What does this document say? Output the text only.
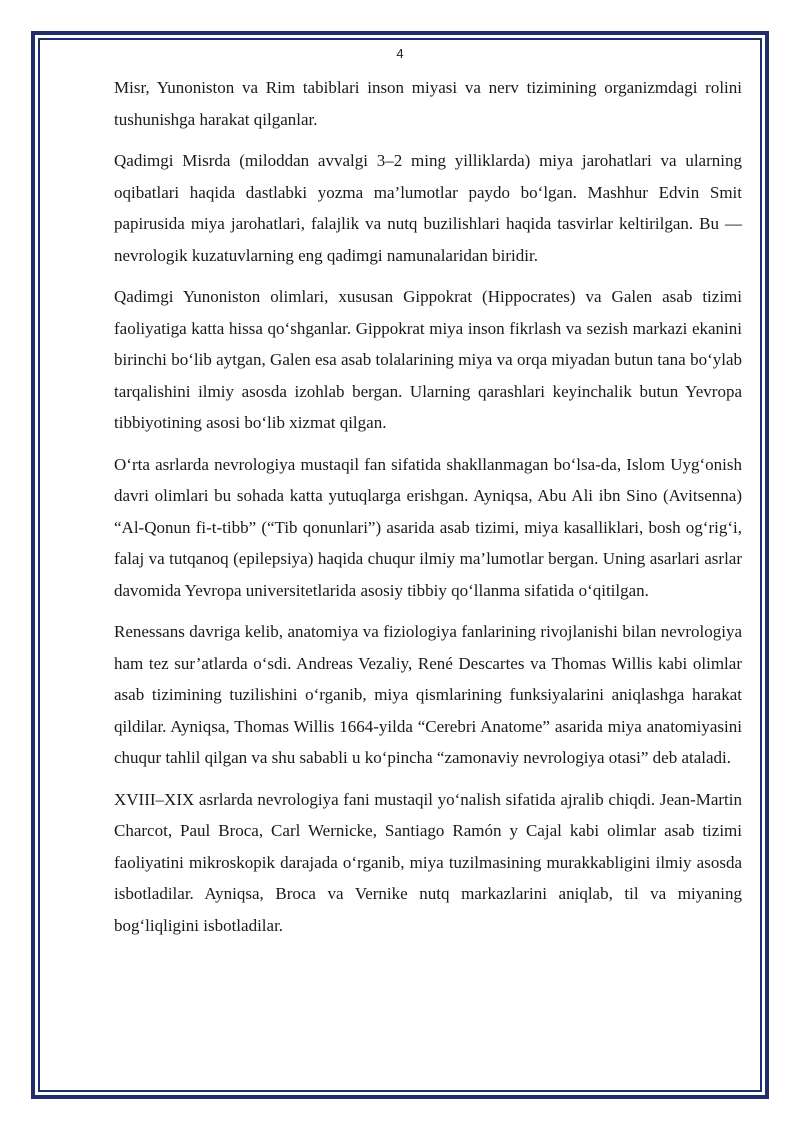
4

Misr, Yunoniston va Rim tabiblari inson miyasi va nerv tizimining organizmdagi rolini tushunishga harakat qilganlar.

Qadimgi Misrda (miloddan avvalgi 3–2 ming yilliklarda) miya jarohatlari va ularning oqibatlari haqida dastlabki yozma ma’lumotlar paydo bo‘lgan. Mashhur Edvin Smit papirusida miya jarohatlari, falajlik va nutq buzilishlari haqida tasvirlar keltirilgan. Bu — nevrologik kuzatuvlarning eng qadimgi namunalaridan biridir.

Qadimgi Yunoniston olimlari, xususan Gippokrat (Hippocrates) va Galen asab tizimi faoliyatiga katta hissa qo‘shganlar. Gippokrat miya inson fikrlash va sezish markazi ekanini birinchi bo‘lib aytgan, Galen esa asab tolalarining miya va orqa miyadan butun tana bo‘ylab tarqalishini ilmiy asosda izohlab bergan. Ularning qarashlari keyinchalik butun Yevropa tibbiyotining asosi bo‘lib xizmat qilgan.

O‘rta asrlarda nevrologiya mustaqil fan sifatida shakllanmagan bo‘lsa-da, Islom Uyg‘onish davri olimlari bu sohada katta yutuqlarga erishgan. Ayniqsa, Abu Ali ibn Sino (Avitsenna) “Al-Qonun fi-t-tibb” (“Tib qonunlari”) asarida asab tizimi, miya kasalliklari, bosh og‘rig‘i, falaj va tutqanoq (epilepsiya) haqida chuqur ilmiy ma’lumotlar bergan. Uning asarlari asrlar davomida Yevropa universitetlarida asosiy tibbiy qo‘llanma sifatida o‘qitilgan.

Renessans davriga kelib, anatomiya va fiziologiya fanlarining rivojlanishi bilan nevrologiya ham tez sur’atlarda o‘sdi. Andreas Vezaliy, René Descartes va Thomas Willis kabi olimlar asab tizimining tuzilishini o‘rganib, miya qismlarining funksiyalarini aniqlashga harakat qildilar. Ayniqsa, Thomas Willis 1664-yilda “Cerebri Anatome” asarida miya anatomiyasini chuqur tahlil qilgan va shu sababli u ko‘pincha “zamonaviy nevrologiya otasi” deb ataladi.

XVIII–XIX asrlarda nevrologiya fani mustaqil yo‘nalish sifatida ajralib chiqdi. Jean-Martin Charcot, Paul Broca, Carl Wernicke, Santiago Ramón y Cajal kabi olimlar asab tizimi faoliyatini mikroskopik darajada o‘rganib, miya tuzilmasining murakkabligini ilmiy asosda isbotladilar. Ayniqsa, Broca va Vernike nutq markazlarini aniqlab, til va miyaning bog‘liqligini isbotladilar.
